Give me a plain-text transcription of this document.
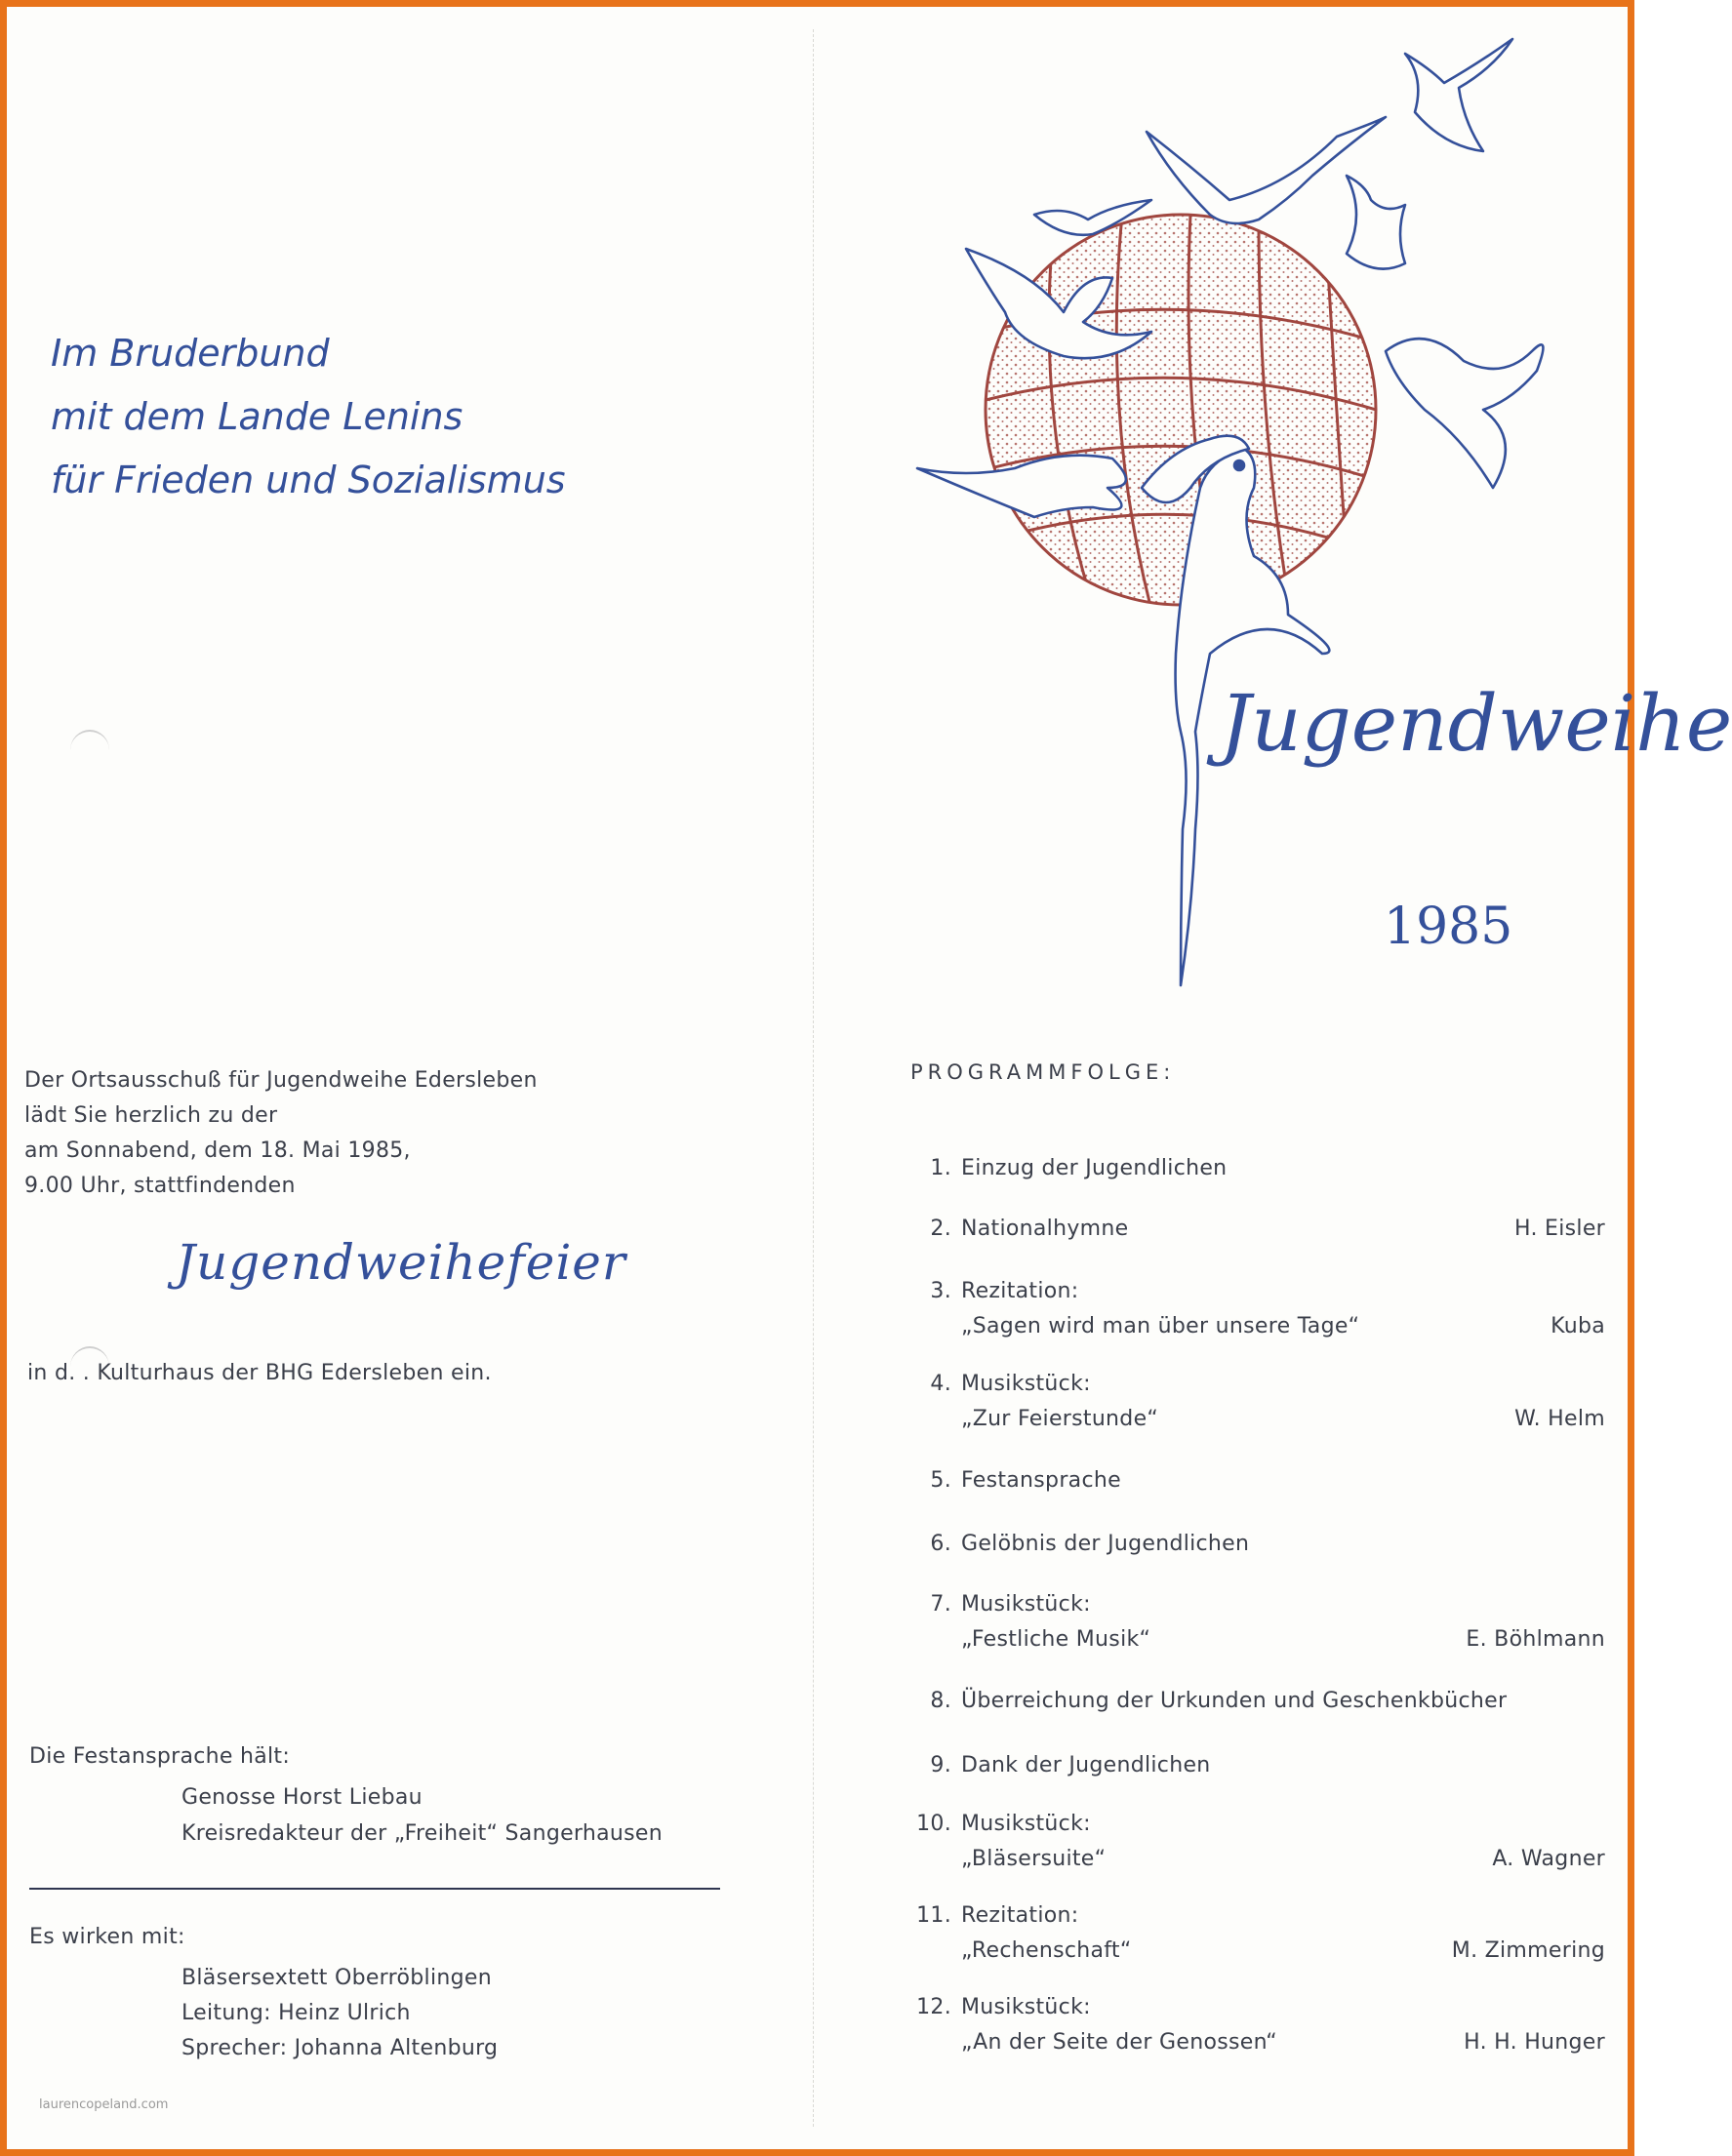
Im Bruderbund
mit dem Lande Lenins
für Frieden und Sozialismus
Der Ortsausschuß für Jugendweihe Edersleben
lädt Sie herzlich zu der
am Sonnabend, dem 18. Mai 1985,
9.00 Uhr, stattfindenden
Jugendweihefeier
in d. . Kulturhaus der BHG Edersleben ein.
Die Festansprache hält:
Genosse Horst Liebau
Kreisredakteur der „Freiheit“ Sangerhausen
Es wirken mit:
Bläsersextett Oberröblingen
Leitung: Heinz Ulrich
Sprecher: Johanna Altenburg
laurencopeland.com
Jugendweihe
1985
PROGRAMMFOLGE:
1. Einzug der Jugendlichen
2. Nationalhymne	H. Eisler
3. Rezitation:
„Sagen wird man über unsere Tage“	Kuba
4. Musikstück:
„Zur Feierstunde“	W. Helm
5. Festansprache
6. Gelöbnis der Jugendlichen
7. Musikstück:
„Festliche Musik“	E. Böhlmann
8. Überreichung der Urkunden und Geschenkbücher
9. Dank der Jugendlichen
10. Musikstück:
„Bläsersuite“	A. Wagner
11. Rezitation:
„Rechenschaft“	M. Zimmering
12. Musikstück:
„An der Seite der Genossen“	H. H. Hunger
